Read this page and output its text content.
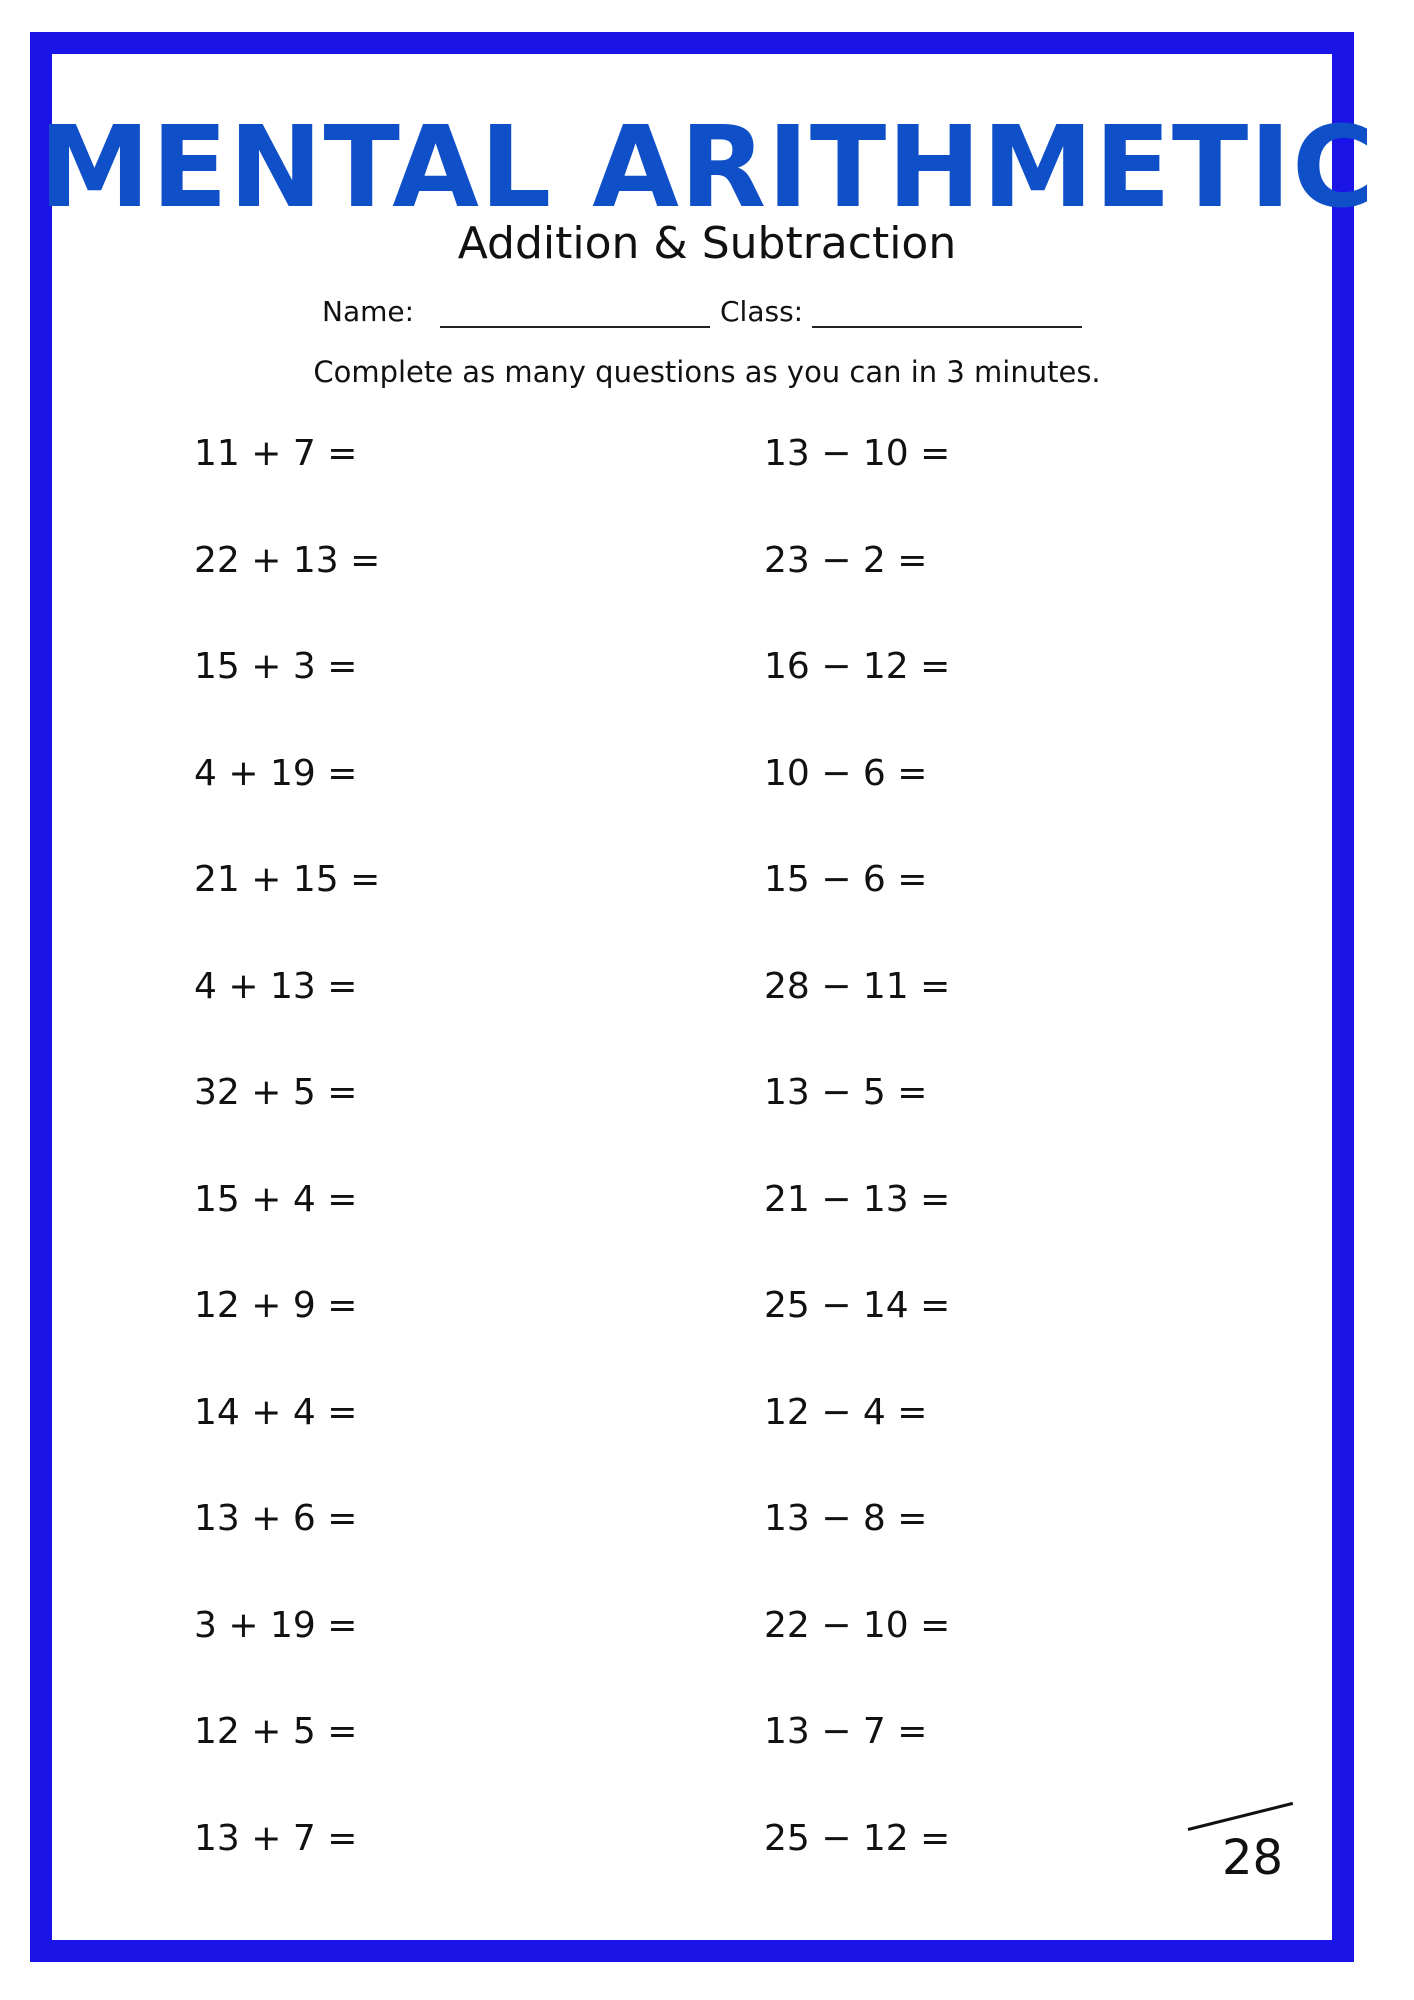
MENTAL ARITHMETIC
Addition & Subtraction
Name:	Class:
Complete as many questions as you can in 3 minutes.
11 + 7 =
22 + 13 =
15 + 3 =
4 + 19 =
21 + 15 =
4 + 13 =
32 + 5 =
15 + 4 =
12 + 9 =
14 + 4 =
13 + 6 =
3 + 19 =
12 + 5 =
13 + 7 =
13 − 10 =
23 − 2 =
16 − 12 =
10 − 6 =
15 − 6 =
28 − 11 =
13 − 5 =
21 − 13 =
25 − 14 =
12 − 4 =
13 − 8 =
22 − 10 =
13 − 7 =
25 − 12 =	28
